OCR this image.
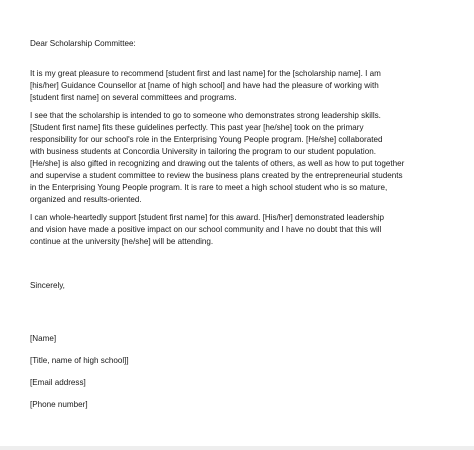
Dear Scholarship Committee:
It is my great pleasure to recommend [student first and last name] for the [scholarship name]. I am
[his/her] Guidance Counsellor at [name of high school] and have had the pleasure of working with
[student first name] on several committees and programs.
I see that the scholarship is intended to go to someone who demonstrates strong leadership skills.
[Student first name] fits these guidelines perfectly. This past year [he/she] took on the primary
responsibility for our school's role in the Enterprising Young People program. [He/she] collaborated
with business students at Concordia University in tailoring the program to our student population.
[He/she] is also gifted in recognizing and drawing out the talents of others, as well as how to put together
and supervise a student committee to review the business plans created by the entrepreneurial students
in the Enterprising Young People program. It is rare to meet a high school student who is so mature,
organized and results-oriented.
I can whole-heartedly support [student first name] for this award. [His/her] demonstrated leadership
and vision have made a positive impact on our school community and I have no doubt that this will
continue at the university [he/she] will be attending.
Sincerely,
[Name]
[Title, name of high school]]
[Email address]
[Phone number]
